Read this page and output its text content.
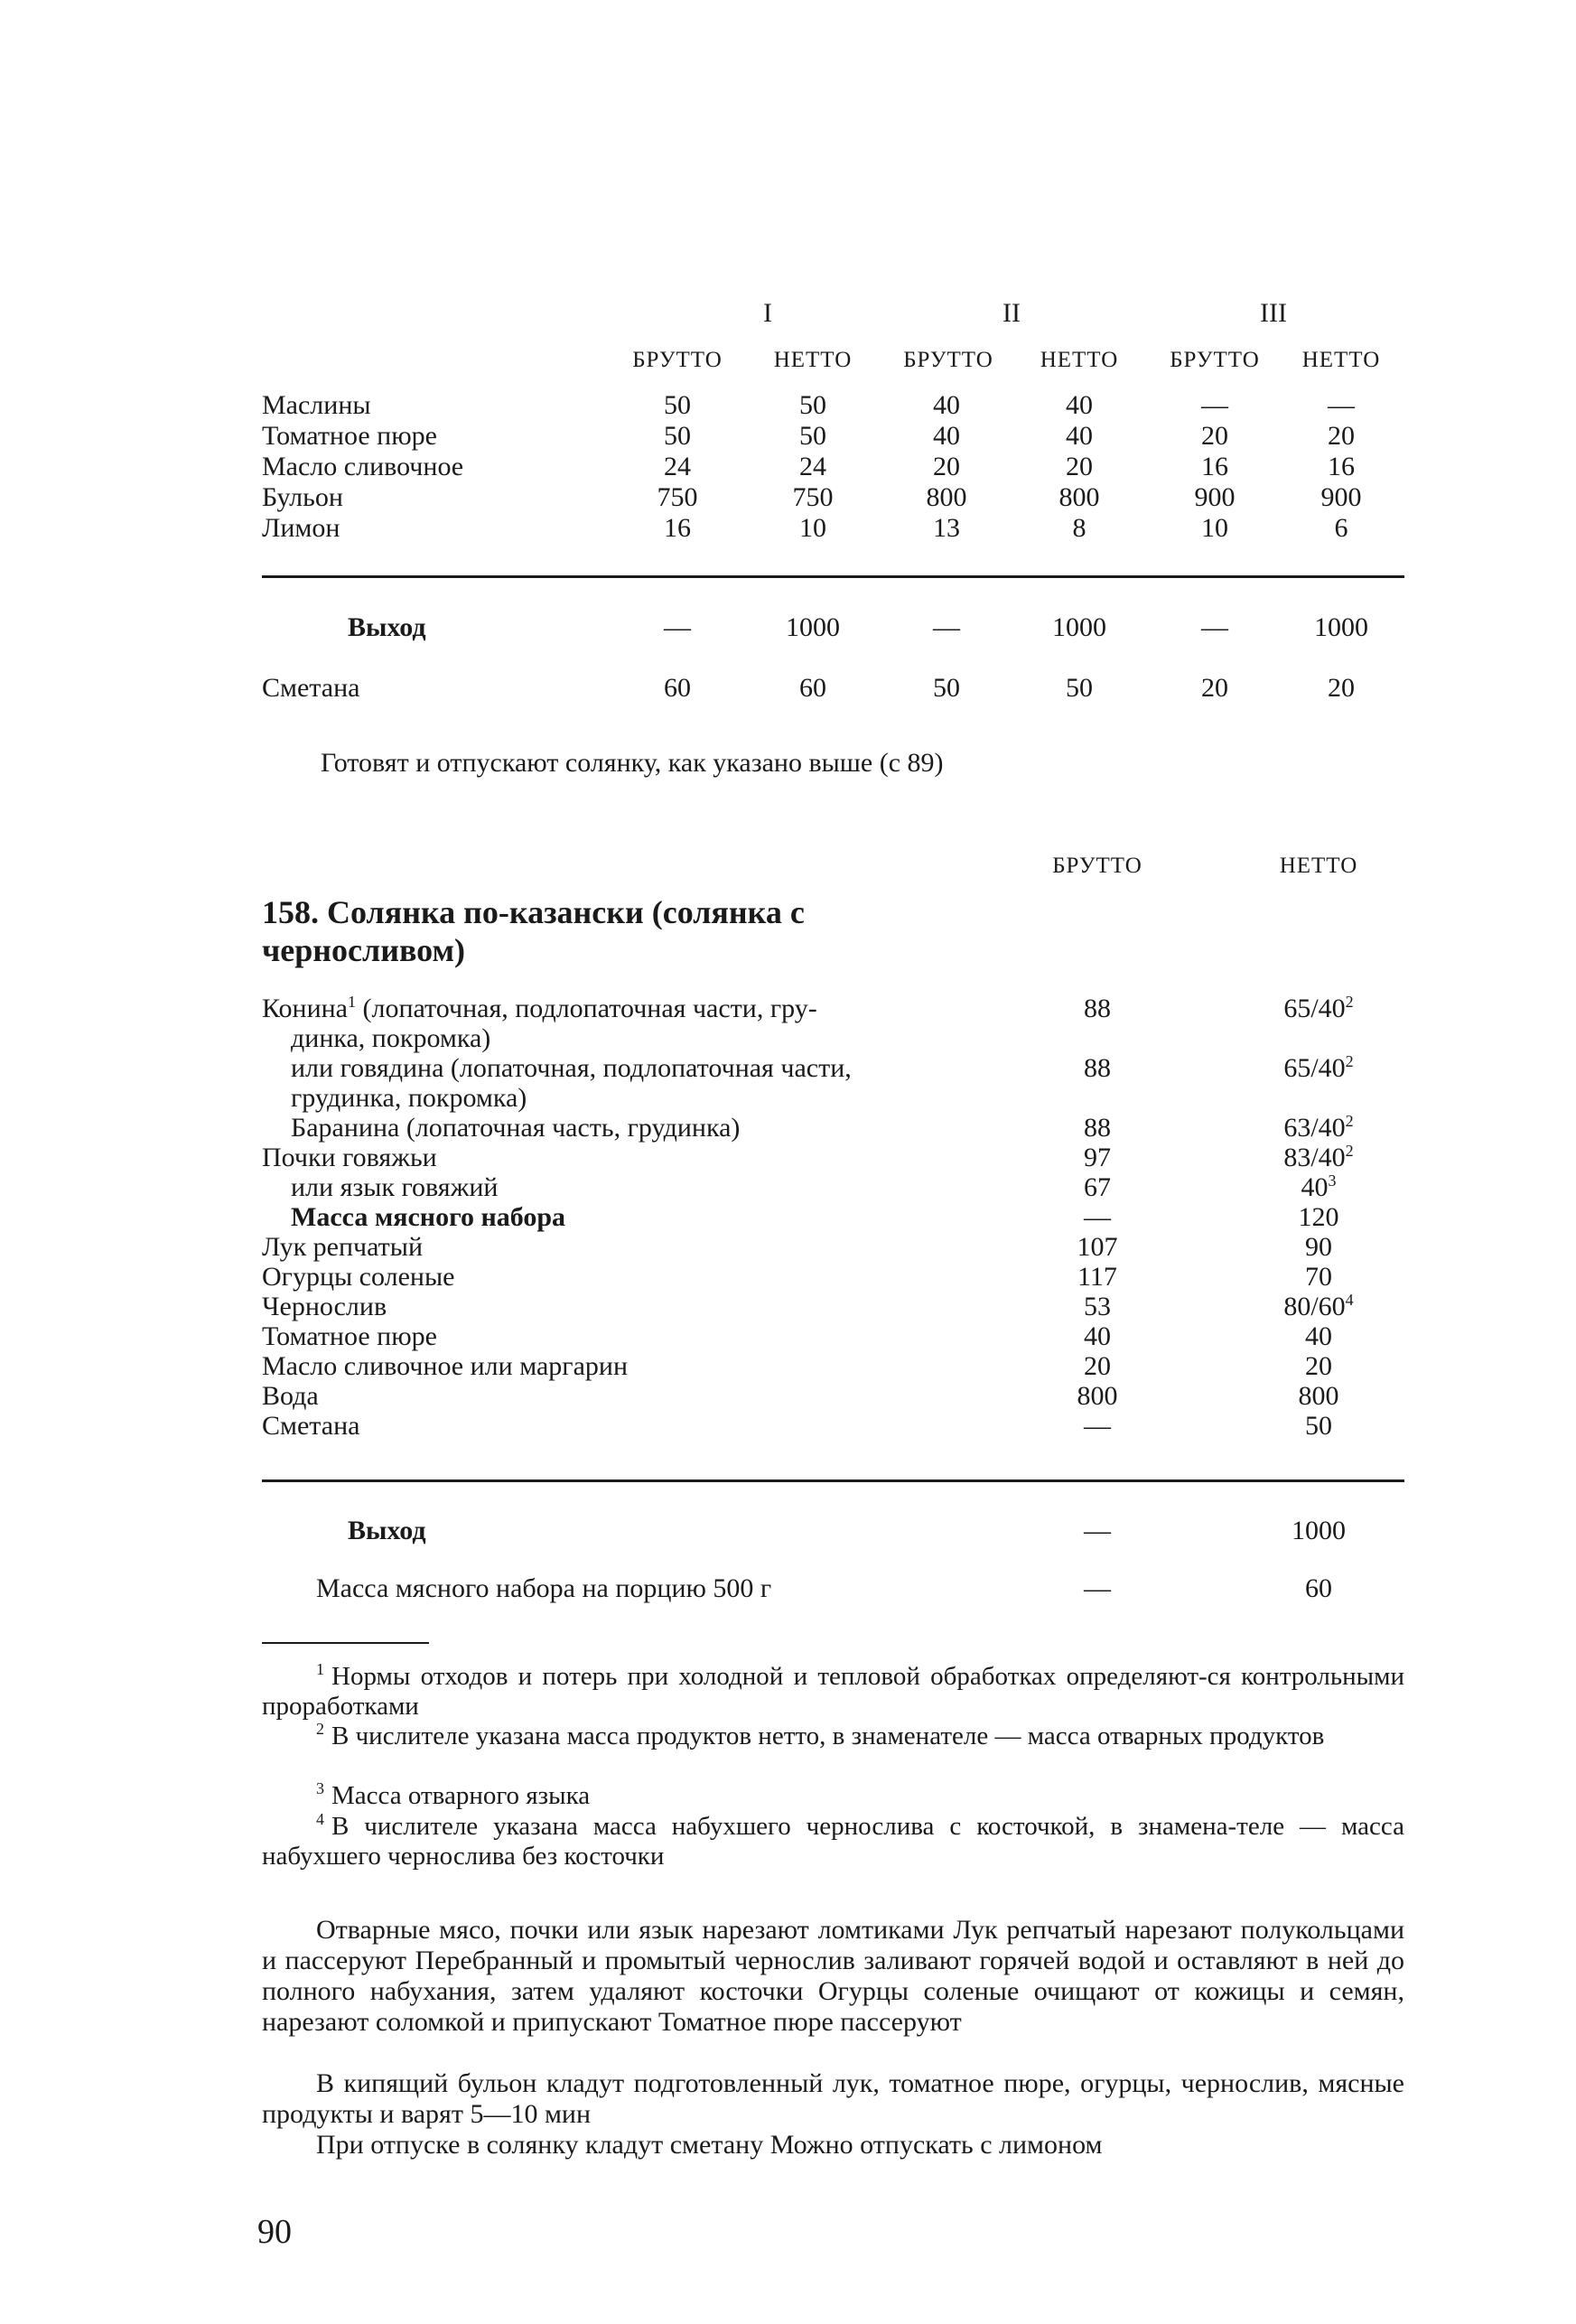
I	II	III
БРУТТО	НЕТТО	БРУТТО	НЕТТО	БРУТТО	НЕТТО
Маслины	50	50	40	40	—	—
Томатное пюре	50	50	40	40	20	20
Масло сливочное	24	24	20	20	16	16
Бульон	750	750	800	800	900	900
Лимон	16	10	13	8	10	6
Выход	—	1000	—	1000	—	1000
Сметана	60	60	50	50	20	20
Готовят и отпускают солянку, как указано выше (с 89)
БРУТТО	НЕТТО
158. Солянка по-казански (солянка с
черносливом)
Конина$^1$ (лопаточная, подлопаточная части, гру-	88	$65/40^2$
динка, покромка)
или говядина (лопаточная, подлопаточная части,	88	$65/40^2$
грудинка, покромка)
Баранина (лопаточная часть, грудинка)	88	$63/40^2$
Почки говяжьи	97	$83/40^2$
или язык говяжий	67	$40^3$
Масса мясного набора	—	120
Лук репчатый	107	90
Огурцы соленые	117	70
Чернослив	53	$80/60^4$
Томатное пюре	40	40
Масло сливочное или маргарин	20	20
Вода	800	800
Сметана	—	50
Выход	—	1000
Масса мясного набора на порцию 500 г	—	60
$^1$ Нормы отходов и потерь при холодной и тепловой обработках определяют-ся контрольными проработками
$^2$ В числителе указана масса продуктов нетто, в знаменателе — масса отварных продуктов
$^3$ Масса отварного языка
$^4$ В числителе указана масса набухшего чернослива с косточкой, в знамена-теле — масса набухшего чернослива без косточки
Отварные мясо, почки или язык нарезают ломтиками Лук репчатый нарезают полукольцами и пассеруют Перебранный и промытый чернослив заливают горячей водой и оставляют в ней до полного набухания, затем удаляют косточки Огурцы соленые очищают от кожицы и семян, нарезают соломкой и припускают Томатное пюре пассеруют
В кипящий бульон кладут подготовленный лук, томатное пюре, огурцы, чернослив, мясные продукты и варят 5—10 мин
При отпуске в солянку кладут сметану Можно отпускать с лимоном
90
